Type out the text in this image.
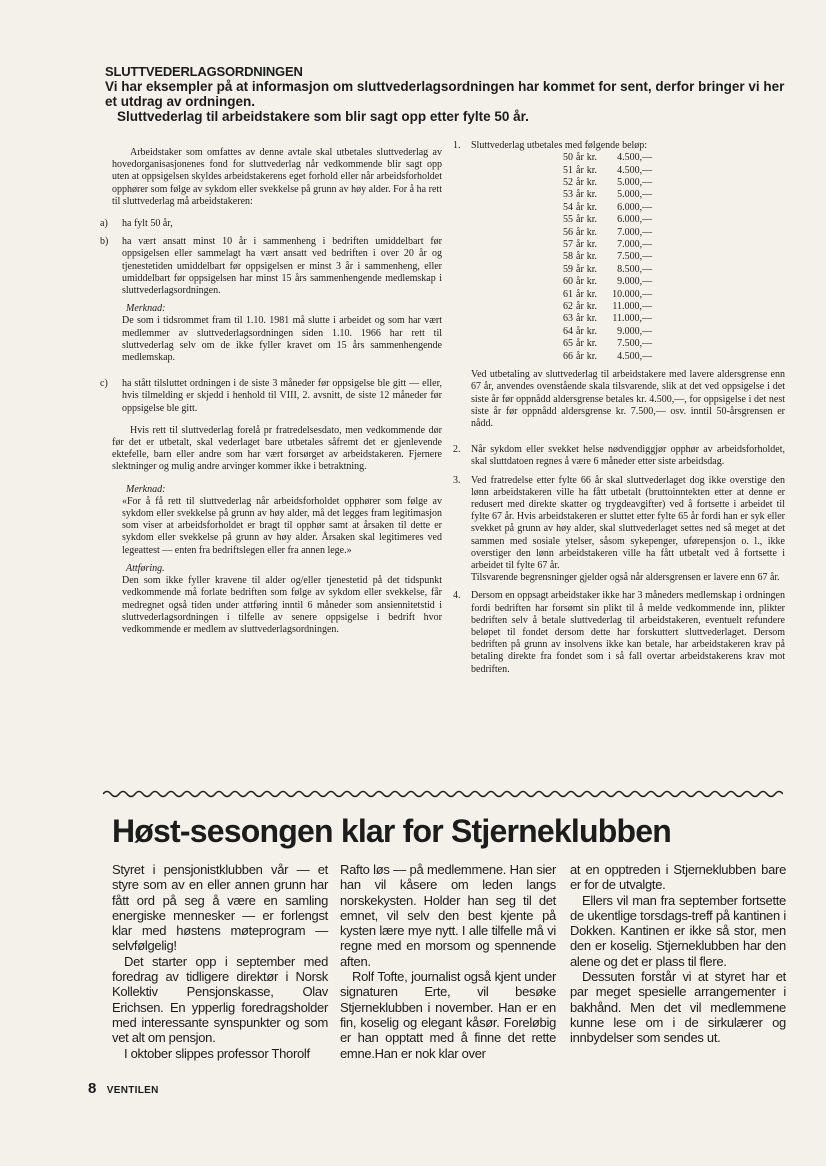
SLUTTVEDERLAGSORDNINGEN
Vi har eksempler på at informasjon om sluttvederlagsordningen har kommet for sent, derfor bringer vi her et utdrag av ordningen.
Sluttvederlag til arbeidstakere som blir sagt opp etter fylte 50 år.

Arbeidstaker som omfattes av denne avtale skal utbetales sluttvederlag av hovedorganisasjonenes fond for sluttvederlag når vedkommende blir sagt opp uten at oppsigelsen skyldes arbeidstakerens eget forhold eller når arbeidsforholdet opphører som følge av sykdom eller svekkelse på grunn av høy alder. For å ha rett til sluttvederlag må arbeidstakeren:

a) ha fylt 50 år,
b) ha vært ansatt minst 10 år i sammenheng i bedriften umiddelbart før oppsigelsen eller sammelagt ha vært ansatt ved bedriften i over 20 år og tjenestetiden umiddelbart før oppsigelsen er minst 3 år i sammenheng, eller umiddelbart før oppsigelsen har minst 15 års sammenhengende medlemskap i sluttvederlagsordningen.

Merknad:

De som i tidsrommet fram til 1.10. 1981 må slutte i arbeidet og som har vært medlemmer av sluttvederlagsordningen siden 1.10. 1966 har rett til sluttvederlag selv om de ikke fyller kravet om 15 års sammenhengende medlemskap.

c) ha stått tilsluttet ordningen i de siste 3 måneder før oppsigelse ble gitt — eller, hvis tilmelding er skjedd i henhold til VIII, 2. avsnitt, de siste 12 måneder før oppsigelse ble gitt.

Hvis rett til sluttvederlag forelå pr fratredelsesdato, men vedkommende dør før det er utbetalt, skal vederlaget bare utbetales såfremt det er gjenlevende ektefelle, barn eller andre som har vært forsørget av arbeidstakeren. Fjernere slektninger og mulig andre arvinger kommer ikke i betraktning.

Merknad:

«For å få rett til sluttvederlag når arbeidsforholdet opphører som følge av sykdom eller svekkelse på grunn av høy alder, må det legges fram legitimasjon som viser at arbeidsforholdet er bragt til opphør samt at årsaken til dette er sykdom eller svekkelse på grunn av høy alder. Årsaken skal legitimeres ved legeattest — enten fra bedriftslegen eller fra annen lege.»

Attføring.

Den som ikke fyller kravene til alder og/eller tjenestetid på det tidspunkt vedkommende må forlate bedriften som følge av sykdom eller svekkelse, får medregnet også tiden under attføring inntil 6 måneder som ansiennitetstid i sluttvederlagsordningen i tilfelle av senere oppsigelse i bedrift hvor vedkommende er medlem av sluttvederlagsordningen.

1. Sluttvederlag utbetales med følgende beløp:
50	år	kr.	4.500,—
51	år	kr.	4.500,—
52	år	kr.	5.000,—
53	år	kr.	5.000,—
54	år	kr.	6.000,—
55	år	kr.	6.000,—
56	år	kr.	7.000,—
57	år	kr.	7.000,—
58	år	kr.	7.500,—
59	år	kr.	8.500,—
60	år	kr.	9.000,—
61	år	kr.	10.000,—
62	år	kr.	11.000,—
63	år	kr.	11.000,—
64	år	kr.	9.000,—
65	år	kr.	7.500,—
66	år	kr.	4.500,—

Ved utbetaling av sluttvederlag til arbeidstakere med lavere aldersgrense enn 67 år, anvendes ovenstående skala tilsvarende, slik at det ved oppsigelse i det siste år før oppnådd aldersgrense betales kr. 4.500,—, for oppsigelse i det nest siste år før oppnådd aldersgrense kr. 7.500,— osv. inntil 50-årsgrensen er nådd.

2. Når sykdom eller svekket helse nødvendiggjør opphør av arbeidsforholdet, skal sluttdatoen regnes å være 6 måneder etter siste arbeidsdag.
3. Ved fratredelse etter fylte 66 år skal sluttvederlaget dog ikke overstige den lønn arbeidstakeren ville ha fått utbetalt (bruttoinntekten etter at denne er redusert med direkte skatter og trygdeavgifter) ved å fortsette i arbeidet til fylte 67 år. Hvis arbeidstakeren er sluttet etter fylte 65 år fordi han er syk eller svekket på grunn av høy alder, skal sluttvederlaget settes ned så meget at det sammen med sosiale ytelser, såsom sykepenger, uførepensjon o. l., ikke overstiger den lønn arbeidstakeren ville ha fått utbetalt ved å fortsette i arbeidet til fylte 67 år.
Tilsvarende begrensninger gjelder også når aldersgrensen er lavere enn 67 år.
4. Dersom en oppsagt arbeidstaker ikke har 3 måneders medlemskap i ordningen fordi bedriften har forsømt sin plikt til å melde vedkommende inn, plikter bedriften selv å betale sluttvederlag til arbeidstakeren, eventuelt refundere beløpet til fondet dersom dette har forskuttert sluttvederlaget. Dersom bedriften på grunn av insolvens ikke kan betale, har arbeidstakeren krav på betaling direkte fra fondet som i så fall overtar arbeidstakerens krav mot bedriften.
Høst-sesongen klar for Stjerneklubben

Styret i pensjonistklubben vår — et styre som av en eller annen grunn har fått ord på seg å være en samling energiske mennesker — er forlengst klar med høstens møteprogram — selvfølgelig!

Det starter opp i september med foredrag av tidligere direktør i Norsk Kollektiv Pensjonskasse, Olav Erichsen. En ypperlig foredragsholder med interessante synspunkter og som vet alt om pensjon.

I oktober slippes professor Thorolf

Rafto løs — på medlemmene. Han sier han vil kåsere om leden langs norskekysten. Holder han seg til det emnet, vil selv den best kjente på kysten lære mye nytt. I alle tilfelle må vi regne med en morsom og spennende aften.

Rolf Tofte, journalist også kjent under signaturen Erte, vil besøke Stjerneklubben i november. Han er en fin, koselig og elegant kåsør. Foreløbig er han opptatt med å finne det rette emne.Han er nok klar over

at en opptreden i Stjerneklubben bare er for de utvalgte.

Ellers vil man fra september fortsette de ukentlige torsdags-treff på kantinen i Dokken. Kantinen er ikke så stor, men den er koselig. Stjerneklubben har den alene og det er plass til flere.

Dessuten forstår vi at styret har et par meget spesielle arrangementer i bakhånd. Men det vil medlemmene kunne lese om i de sirkulærer og innbydelser som sendes ut.

8 VENTILEN
